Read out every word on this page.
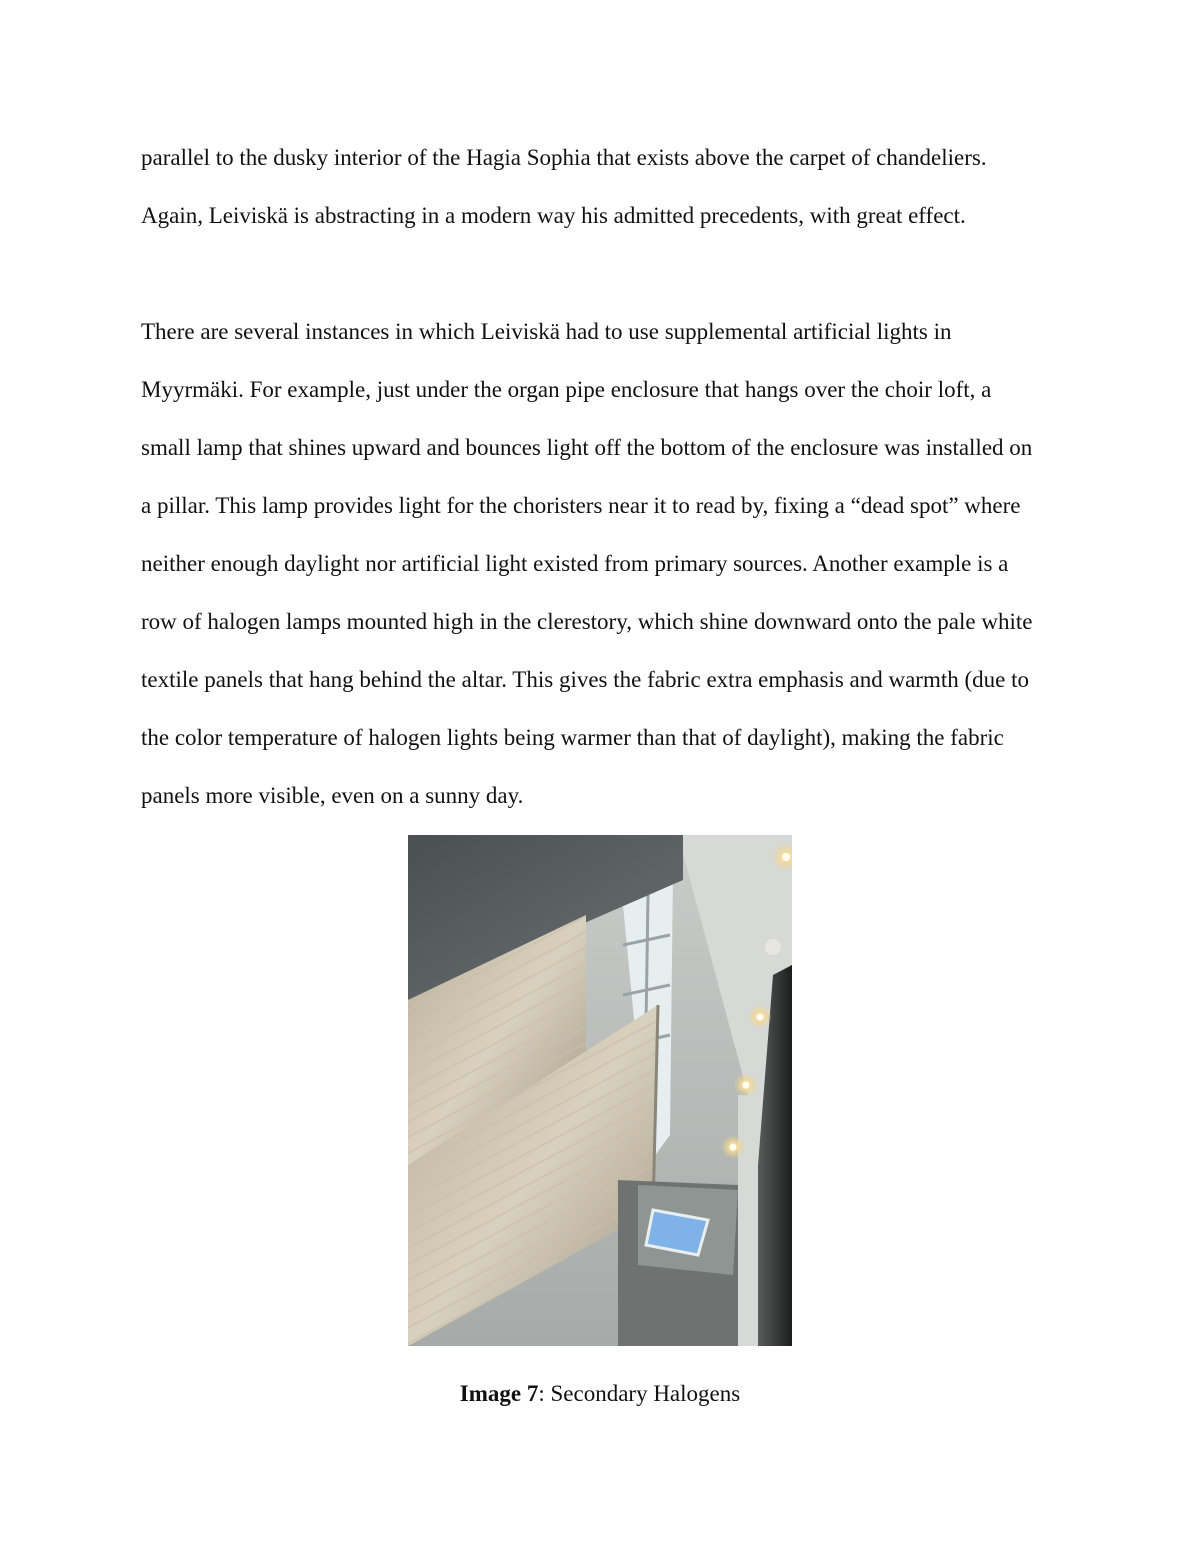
parallel to the dusky interior of the Hagia Sophia that exists above the carpet of chandeliers.
Again, Leiviskä is abstracting in a modern way his admitted precedents, with great effect.
There are several instances in which Leiviskä had to use supplemental artificial lights in
Myyrmäki. For example, just under the organ pipe enclosure that hangs over the choir loft, a
small lamp that shines upward and bounces light off the bottom of the enclosure was installed on
a pillar. This lamp provides light for the choristers near it to read by, fixing a “dead spot” where
neither enough daylight nor artificial light existed from primary sources. Another example is a
row of halogen lamps mounted high in the clerestory, which shine downward onto the pale white
textile panels that hang behind the altar. This gives the fabric extra emphasis and warmth (due to
the color temperature of halogen lights being warmer than that of daylight), making the fabric
panels more visible, even on a sunny day.
Image 7: Secondary Halogens
